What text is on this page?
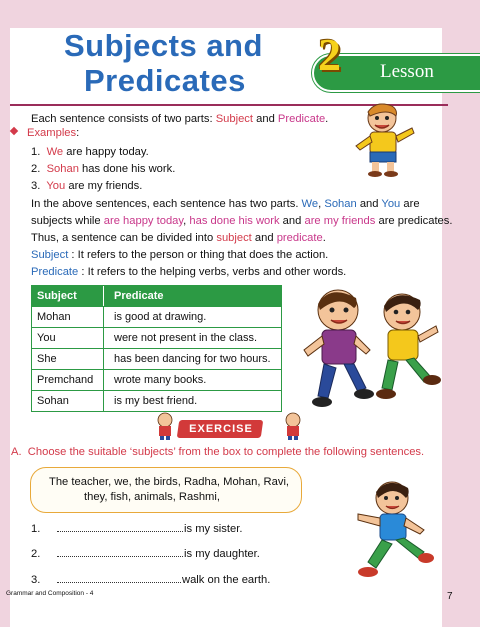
Subjects and
Predicates
2 Lesson
Each sentence consists of two parts: Subject and Predicate.
Examples:
1. We are happy today.
2. Sohan has done his work.
3. You are my friends.
In the above sentences, each sentence has two parts. We, Sohan and You are
subjects while are happy today, has done his work and are my friends are predicates.
Thus, a sentence can be divided into subject and predicate.
Subject : It refers to the person or thing that does the action.
Predicate : It refers to the helping verbs, verbs and other words.
Subject	Predicate
Mohan	is good at drawing.
You	were not present in the class.
She	has been dancing for two hours.
Premchand	wrote many books.
Sohan	is my best friend.
EXERCISE
A. Choose the suitable ‘subjects’ from the box to complete the following sentences.
The teacher, we, the birds, Radha, Mohan, Ravi,
they, fish, animals, Rashmi,
1.	is my sister.
2.	is my daughter.
3.	walk on the earth.
Grammar and Composition - 4	7
